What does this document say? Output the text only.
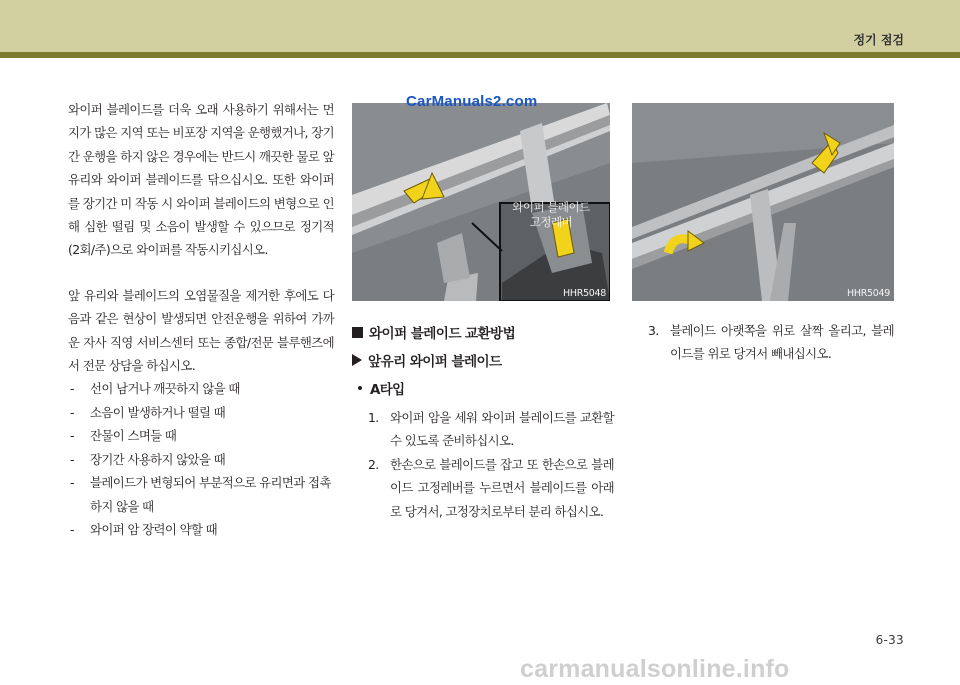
정기 점검

와이퍼 블레이드를 더욱 오래 사용하기 위해서는 먼지가 많은 지역 또는 비포장 지역을 운행했거나, 장기간 운행을 하지 않은 경우에는 반드시 깨끗한 물로 앞 유리와 와이퍼 블레이드를 닦으십시오. 또한 와이퍼를 장기간 미 작동 시 와이퍼 블레이드의 변형으로 인해 심한 떨림 및 소음이 발생할 수 있으므로 정기적 (2회/주)으로 와이퍼를 작동시키십시오.

앞 유리와 블레이드의 오염물질을 제거한 후에도 다음과 같은 현상이 발생되면 안전운행을 위하여 가까운 자사 직영 서비스센터 또는 종합/전문 블루핸즈에서 전문 상담을 하십시오.

- 선이 남거나 깨끗하지 않을 때
- 소음이 발생하거나 떨릴 때
- 잔물이 스며들 때
- 장기간 사용하지 않았을 때
- 블레이드가 변형되어 부분적으로 유리면과 접촉하지 않을 때
- 와이퍼 암 장력이 약할 때
HHR5048
와이퍼 블레이드 고정레버
CarManuals2.com
HHR5049
와이퍼 블레이드 교환방법
앞유리 와이퍼 블레이드
A타입
1. 와이퍼 암을 세워 와이퍼 블레이드를 교환할 수 있도록 준비하십시오.
2. 한손으로 블레이드를 잡고 또 한손으로 블레이드 고정레버를 누르면서 블레이드를 아래로 당겨서, 고정장치로부터 분리 하십시오.
3. 블레이드 아랫쪽을 위로 살짝 올리고, 블레이드를 위로 당겨서 빼내십시오.
6-33
carmanualsonline.info
